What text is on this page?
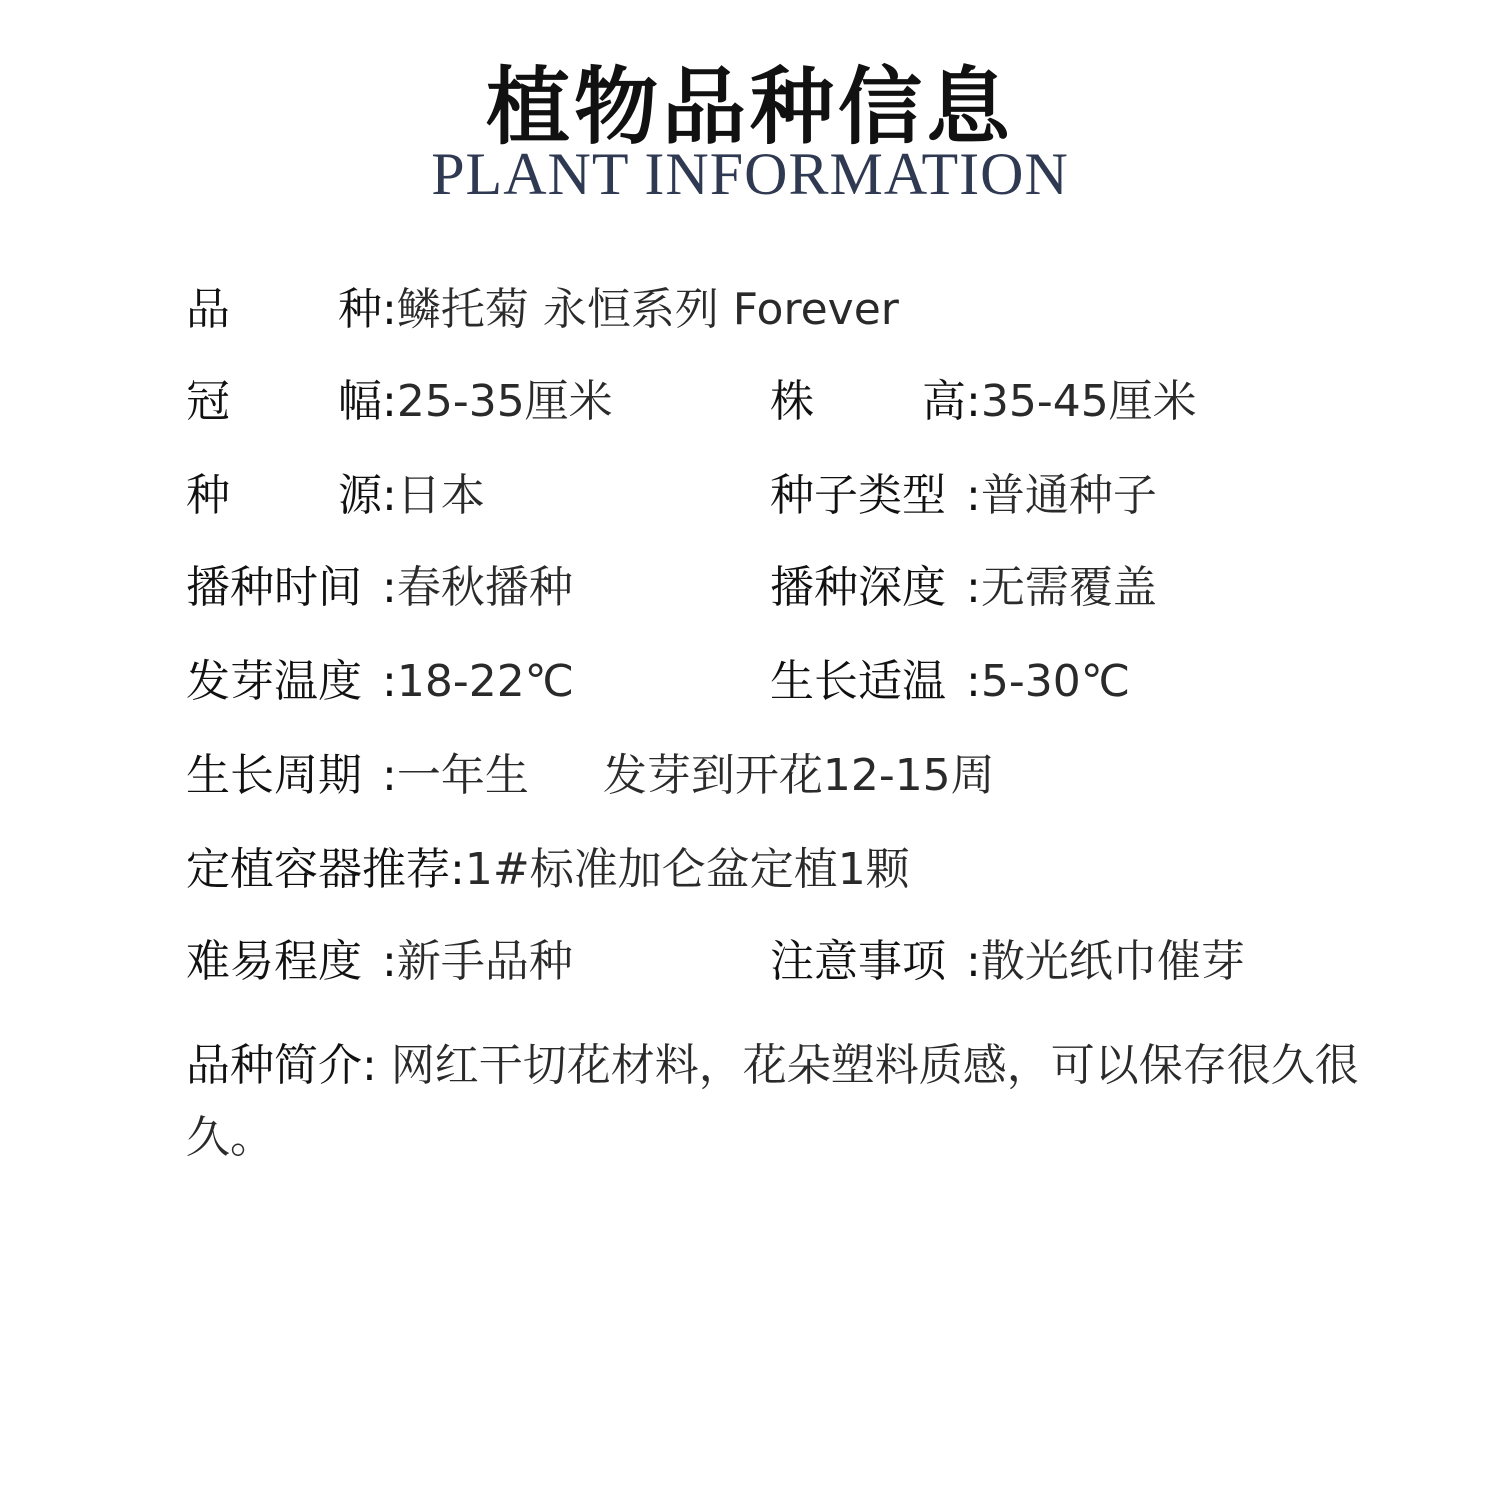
植物品种信息
PLANT INFORMATION
品 种 :鳞托菊 永恒系列 Forever
冠 幅 :25-35厘米	株 高 :35-45厘米
种 源 :日本	种子类型 :普通种子
播种时间 :春秋播种	播种深度 :无需覆盖
发芽温度 :18-22℃	生长适温 :5-30℃
生长周期 :一年生 发芽到开花12-15周
定植容器推荐:1#标准加仑盆定植1颗
难易程度 :新手品种	注意事项 :散光纸巾催芽
品种简介: 网红干切花材料，花朵塑料质感，可以保存很久很久。
